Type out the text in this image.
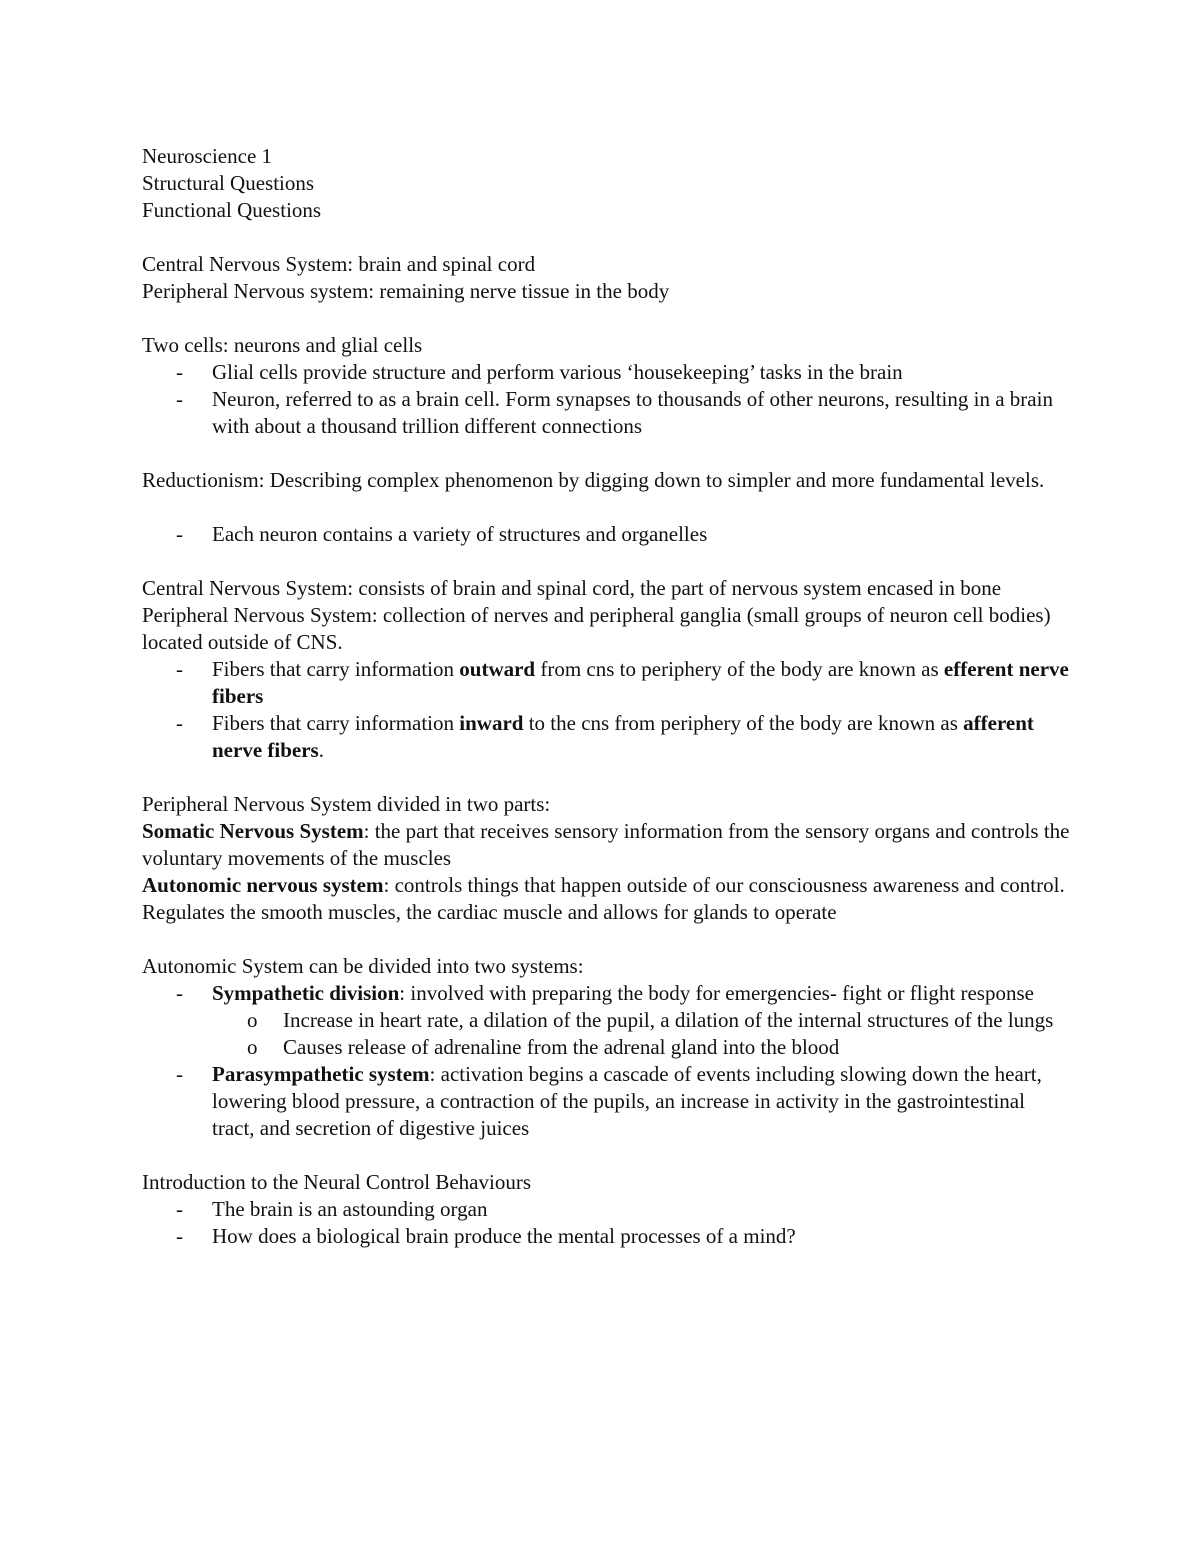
Neuroscience 1

Structural Questions

Functional Questions

Central Nervous System: brain and spinal cord

Peripheral Nervous system: remaining nerve tissue in the body

Two cells: neurons and glial cells

- Glial cells provide structure and perform various ‘housekeeping’ tasks in the brain
- Neuron, referred to as a brain cell. Form synapses to thousands of other neurons, resulting in a brain with about a thousand trillion different connections

Reductionism: Describing complex phenomenon by digging down to simpler and more fundamental levels.

- Each neuron contains a variety of structures and organelles

Central Nervous System: consists of brain and spinal cord, the part of nervous system encased in bone

Peripheral Nervous System: collection of nerves and peripheral ganglia (small groups of neuron cell bodies) located outside of CNS.

- Fibers that carry information outward from cns to periphery of the body are known as efferent nerve fibers
- Fibers that carry information inward to the cns from periphery of the body are known as afferent nerve fibers.

Peripheral Nervous System divided in two parts:

Somatic Nervous System: the part that receives sensory information from the sensory organs and controls the voluntary movements of the muscles

Autonomic nervous system: controls things that happen outside of our consciousness awareness and control. Regulates the smooth muscles, the cardiac muscle and allows for glands to operate

Autonomic System can be divided into two systems:

- Sympathetic division: involved with preparing the body for emergencies- fight or flight response
o Increase in heart rate, a dilation of the pupil, a dilation of the internal structures of the lungs
o Causes release of adrenaline from the adrenal gland into the blood
- Parasympathetic system: activation begins a cascade of events including slowing down the heart, lowering blood pressure, a contraction of the pupils, an increase in activity in the gastrointestinal tract, and secretion of digestive juices

Introduction to the Neural Control Behaviours

- The brain is an astounding organ
- How does a biological brain produce the mental processes of a mind?
